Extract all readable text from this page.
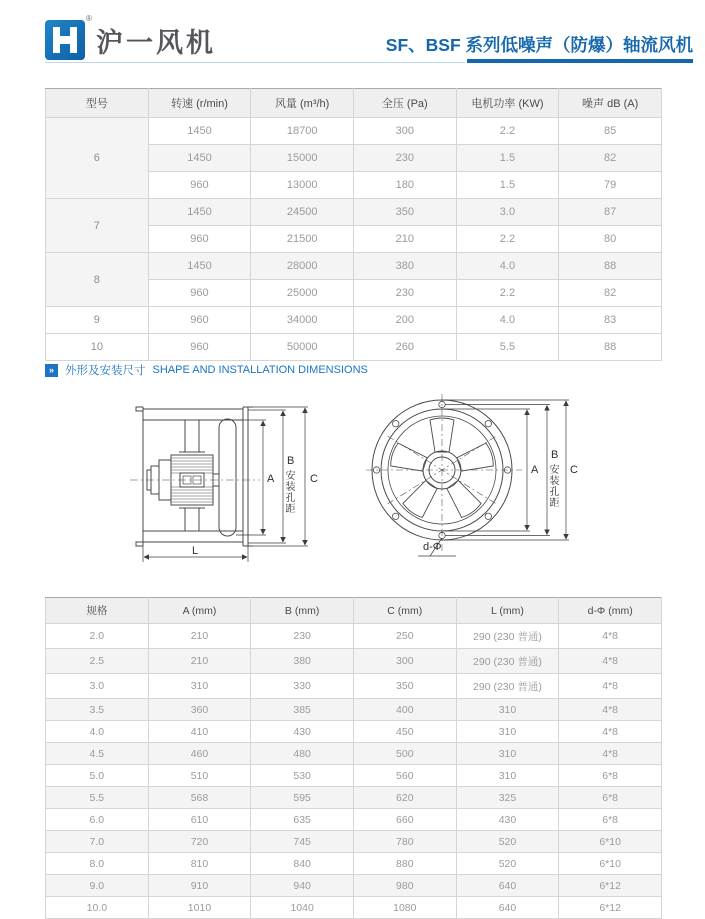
沪一风机
®
SF、BSF 系列低噪声（防爆）轴流风机
型号	转速 (r/min)	风量 (m³/h)	全压 (Pa)	电机功率 (KW)	噪声 dB (A)
6	1450	18700	300	2.2	85
	1450	15000	230	1.5	82
	960	13000	180	1.5	79
7	1450	24500	350	3.0	87
	960	21500	210	2.2	80
8	1450	28000	380	4.0	88
	960	25000	230	2.2	82
9	960	34000	200	4.0	83
10	960	50000	260	5.5	88
» 外形及安装尺寸 SHAPE AND INSTALLATION DIMENSIONS
A
B
安装孔距 C
L
A
B
安装孔距 C
d-Φ
规格	A (mm)	B (mm)	C (mm)	L (mm)	d-Φ (mm)
2.0	210	230	250	290 (230 普通)	4*8
2.5	210	380	300	290 (230 普通)	4*8
3.0	310	330	350	290 (230 普通)	4*8
3.5	360	385	400	310	4*8
4.0	410	430	450	310	4*8
4.5	460	480	500	310	4*8
5.0	510	530	560	310	6*8
5.5	568	595	620	325	6*8
6.0	610	635	660	430	6*8
7.0	720	745	780	520	6*10
8.0	810	840	880	520	6*10
9.0	910	940	980	640	6*12
10.0	1010	1040	1080	640	6*12
